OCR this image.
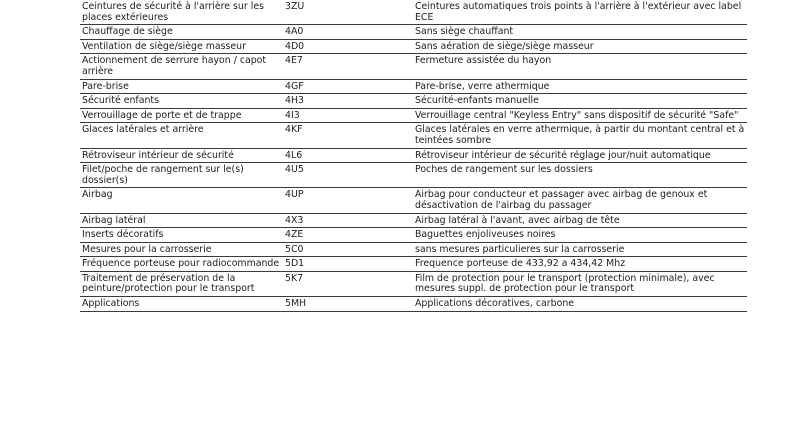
Ceintures de sécurité à l'arrière sur les places extérieures	3ZU	Ceintures automatiques trois points à l'arrière à l'extérieur avec label ECE
Chauffage de siège	4A0	Sans siège chauffant
Ventilation de siège/siège masseur	4D0	Sans aération de siège/siège masseur
Actionnement de serrure hayon / capot arrière	4E7	Fermeture assistée du hayon
Pare-brise	4GF	Pare-brise, verre athermique
Sécurité enfants	4H3	Sécurité-enfants manuelle
Verrouillage de porte et de trappe	4I3	Verrouillage central "Keyless Entry" sans dispositif de sécurité "Safe"
Glaces latérales et arrière	4KF	Glaces latérales en verre athermique, à partir du montant central et à teintées sombre
Rétroviseur intérieur de sécurité	4L6	Rétroviseur intérieur de sécurité réglage jour/nuit automatique
Filet/poche de rangement sur le(s) dossier(s)	4U5	Poches de rangement sur les dossiers
Airbag	4UP	Airbag pour conducteur et passager avec airbag de genoux et désactivation de l'airbag du passager
Airbag latéral	4X3	Airbag latéral à l'avant, avec airbag de tête
Inserts décoratifs	4ZE	Baguettes enjoliveuses noires
Mesures pour la carrosserie	5C0	sans mesures particulieres sur la carrosserie
Fréquence porteuse pour radiocommande	5D1	Frequence porteuse de 433,92 a 434,42 Mhz
Traitement de préservation de la peinture/protection pour le transport	5K7	Film de protection pour le transport (protection minimale), avec mesures suppl. de protection pour le transport
Applications	5MH	Applications décoratives, carbone
